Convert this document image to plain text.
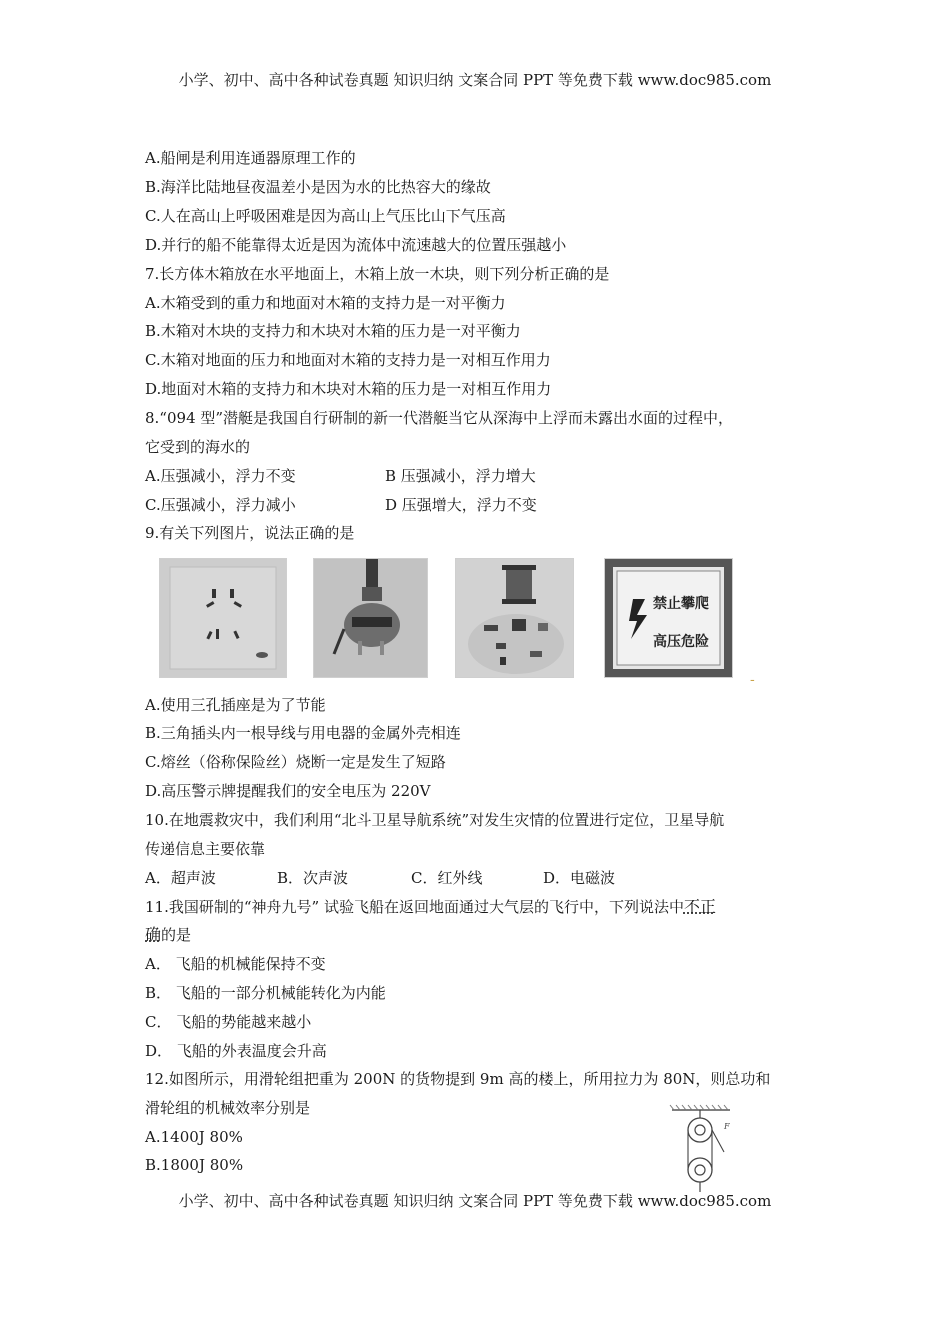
小学、初中、高中各种试卷真题 知识归纳 文案合同 PPT 等免费下载 www.doc985.com
A.船闸是利用连通器原理工作的
B.海洋比陆地昼夜温差小是因为水的比热容大的缘故
C.人在高山上呼吸困难是因为高山上气压比山下气压高
D.并行的船不能靠得太近是因为流体中流速越大的位置压强越小
7.长方体木箱放在水平地面上，木箱上放一木块，则下列分析正确的是
A.木箱受到的重力和地面对木箱的支持力是一对平衡力
B.木箱对木块的支持力和木块对木箱的压力是一对平衡力
C.木箱对地面的压力和地面对木箱的支持力是一对相互作用力
D.地面对木箱的支持力和木块对木箱的压力是一对相互作用力
8.“094 型”潜艇是我国自行研制的新一代潜艇当它从深海中上浮而未露出水面的过程中，
它受到的海水的
A.压强减小，浮力不变	B 压强减小，浮力增大
C.压强减小，浮力减小	D 压强增大，浮力不变
9.有关下列图片，说法正确的是
禁止攀爬
高压危险
-
A.使用三孔插座是为了节能
B.三角插头内一根导线与用电器的金属外壳相连
C.熔丝（俗称保险丝）烧断一定是发生了短路
D.高压警示牌提醒我们的安全电压为 220V
10.在地震救灾中，我们利用“北斗卫星导航系统”对发生灾情的位置进行定位，卫星导航
传递信息主要依靠
A．超声波	B．次声波	C．红外线	D．电磁波
11.我国研制的“神舟九号” 试验飞船在返回地面通过大气层的飞行中，下列说法中不正
确的是
A． 飞船的机械能保持不变
B． 飞船的一部分机械能转化为内能
C． 飞船的势能越来越小
D． 飞船的外表温度会升高
12.如图所示，用滑轮组把重为 200N 的货物提到 9m 高的楼上，所用拉力为 80N，则总功和
滑轮组的机械效率分别是
A.1400J 80%
B.1800J 80%
F
小学、初中、高中各种试卷真题 知识归纳 文案合同 PPT 等免费下载 www.doc985.com
